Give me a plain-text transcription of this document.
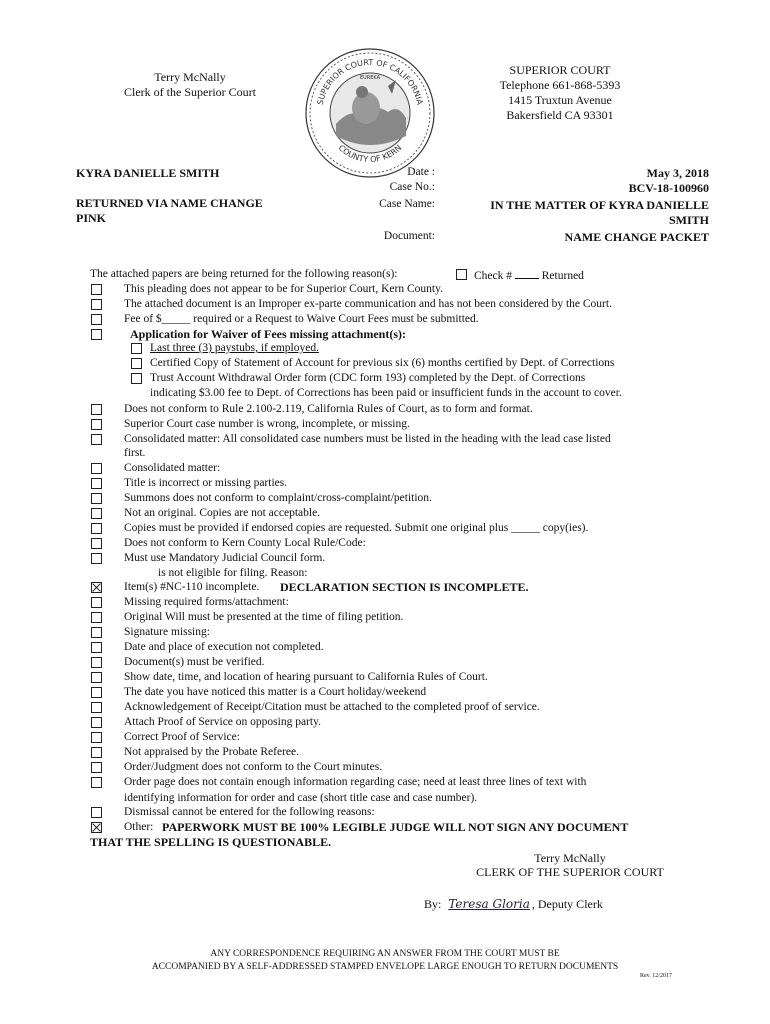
Terry McNally
Clerk of the Superior Court
SUPERIOR COURT OF CALIFORNIA
COUNTY OF KERN
EUREKA
SUPERIOR COURT
Telephone 661-868-5393
1415 Truxtun Avenue
Bakersfield CA 93301
KYRA DANIELLE SMITH
RETURNED VIA NAME CHANGE
PINK
Date :
Case No.:
Case Name:
Document:
May 3, 2018
BCV-18-100960
IN THE MATTER OF KYRA DANIELLE
SMITH
NAME CHANGE PACKET
The attached papers are being returned for the following reason(s):	Check #	Returned
This pleading does not appear to be for Superior Court, Kern County.
The attached document is an Improper ex-parte communication and has not been considered by the Court.
Fee of $_____ required or a Request to Waive Court Fees must be submitted.
Application for Waiver of Fees missing attachment(s):
Does not conform to Rule 2.100-2.119, California Rules of Court, as to form and format.
Superior Court case number is wrong, incomplete, or missing.
Consolidated matter: All consolidated case numbers must be listed in the heading with the lead case listed
Consolidated matter:
Title is incorrect or missing parties.
Summons does not conform to complaint/cross-complaint/petition.
Not an original. Copies are not acceptable.
Copies must be provided if endorsed copies are requested. Submit one original plus _____ copy(ies).
Does not conform to Kern County Local Rule/Code:
Must use Mandatory Judicial Council form.
Item(s) #NC-110 incomplete.
Missing required forms/attachment:
Original Will must be presented at the time of filing petition.
Signature missing:
Date and place of execution not completed.
Document(s) must be verified.
Show date, time, and location of hearing pursuant to California Rules of Court.
The date you have noticed this matter is a Court holiday/weekend
Acknowledgement of Receipt/Citation must be attached to the completed proof of service.
Attach Proof of Service on opposing party.
Correct Proof of Service:
Not appraised by the Probate Referee.
Order/Judgment does not conform to the Court minutes.
Order page does not contain enough information regarding case; need at least three lines of text with
Dismissal cannot be entered for the following reasons:
Other:
Last three (3) paystubs, if employed.
Certified Copy of Statement of Account for previous six (6) months certified by Dept. of Corrections
Trust Account Withdrawal Order form (CDC form 193) completed by the Dept. of Corrections
indicating $3.00 fee to Dept. of Corrections has been paid or insufficient funds in the account to cover.
first.
is not eligible for filing. Reason:
DECLARATION SECTION IS INCOMPLETE.
identifying information for order and case (short title case and case number).
PAPERWORK MUST BE 100% LEGIBLE JUDGE WILL NOT SIGN ANY DOCUMENT
THAT THE SPELLING IS QUESTIONABLE.
Terry McNally
CLERK OF THE SUPERIOR COURT
By: Teresa Gloria , Deputy Clerk
ANY CORRESPONDENCE REQUIRING AN ANSWER FROM THE COURT MUST BE
ACCOMPANIED BY A SELF-ADDRESSED STAMPED ENVELOPE LARGE ENOUGH TO RETURN DOCUMENTS
Rev. 12/2017
